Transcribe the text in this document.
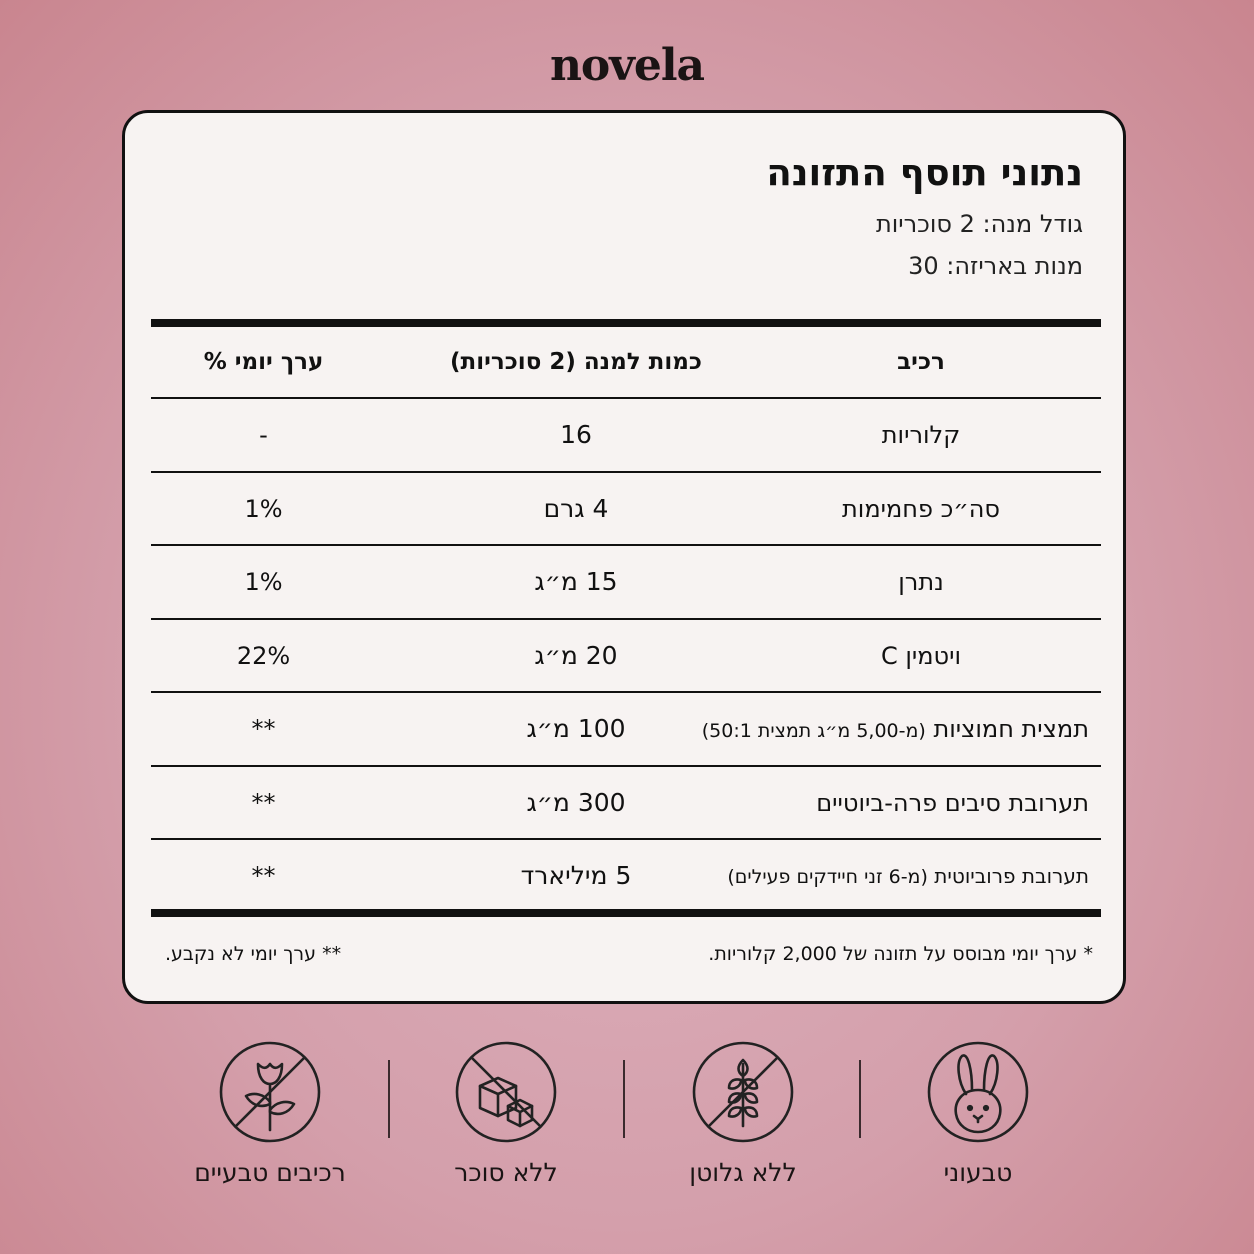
novela
נתוני תוסף התזונה
גודל מנה: 2 סוכריות
מנות באריזה: 30
רכיב
כמות למנה (2 סוכריות)
% ערך יומי
קלוריות
16
-
סה״כ פחמימות
4 גרם
1%
נתרן
15 מ״ג
1%
ויטמין C
20 מ״ג
22%
תמצית חמוציות (מ-5,00 מ״ג תמצית 50:1)
100 מ״ג
**
תערובת סיבים פרה-ביוטיים
300 מ״ג
**
תערובת פרוביוטית (מ-6 זני חיידקים פעילים)
5 מיליארד
**
* ערך יומי מבוסס על תזונה של 2,000 קלוריות.
** ערך יומי לא נקבע.
טבעוני
ללא גלוטן
ללא סוכר
רכיבים טבעיים
